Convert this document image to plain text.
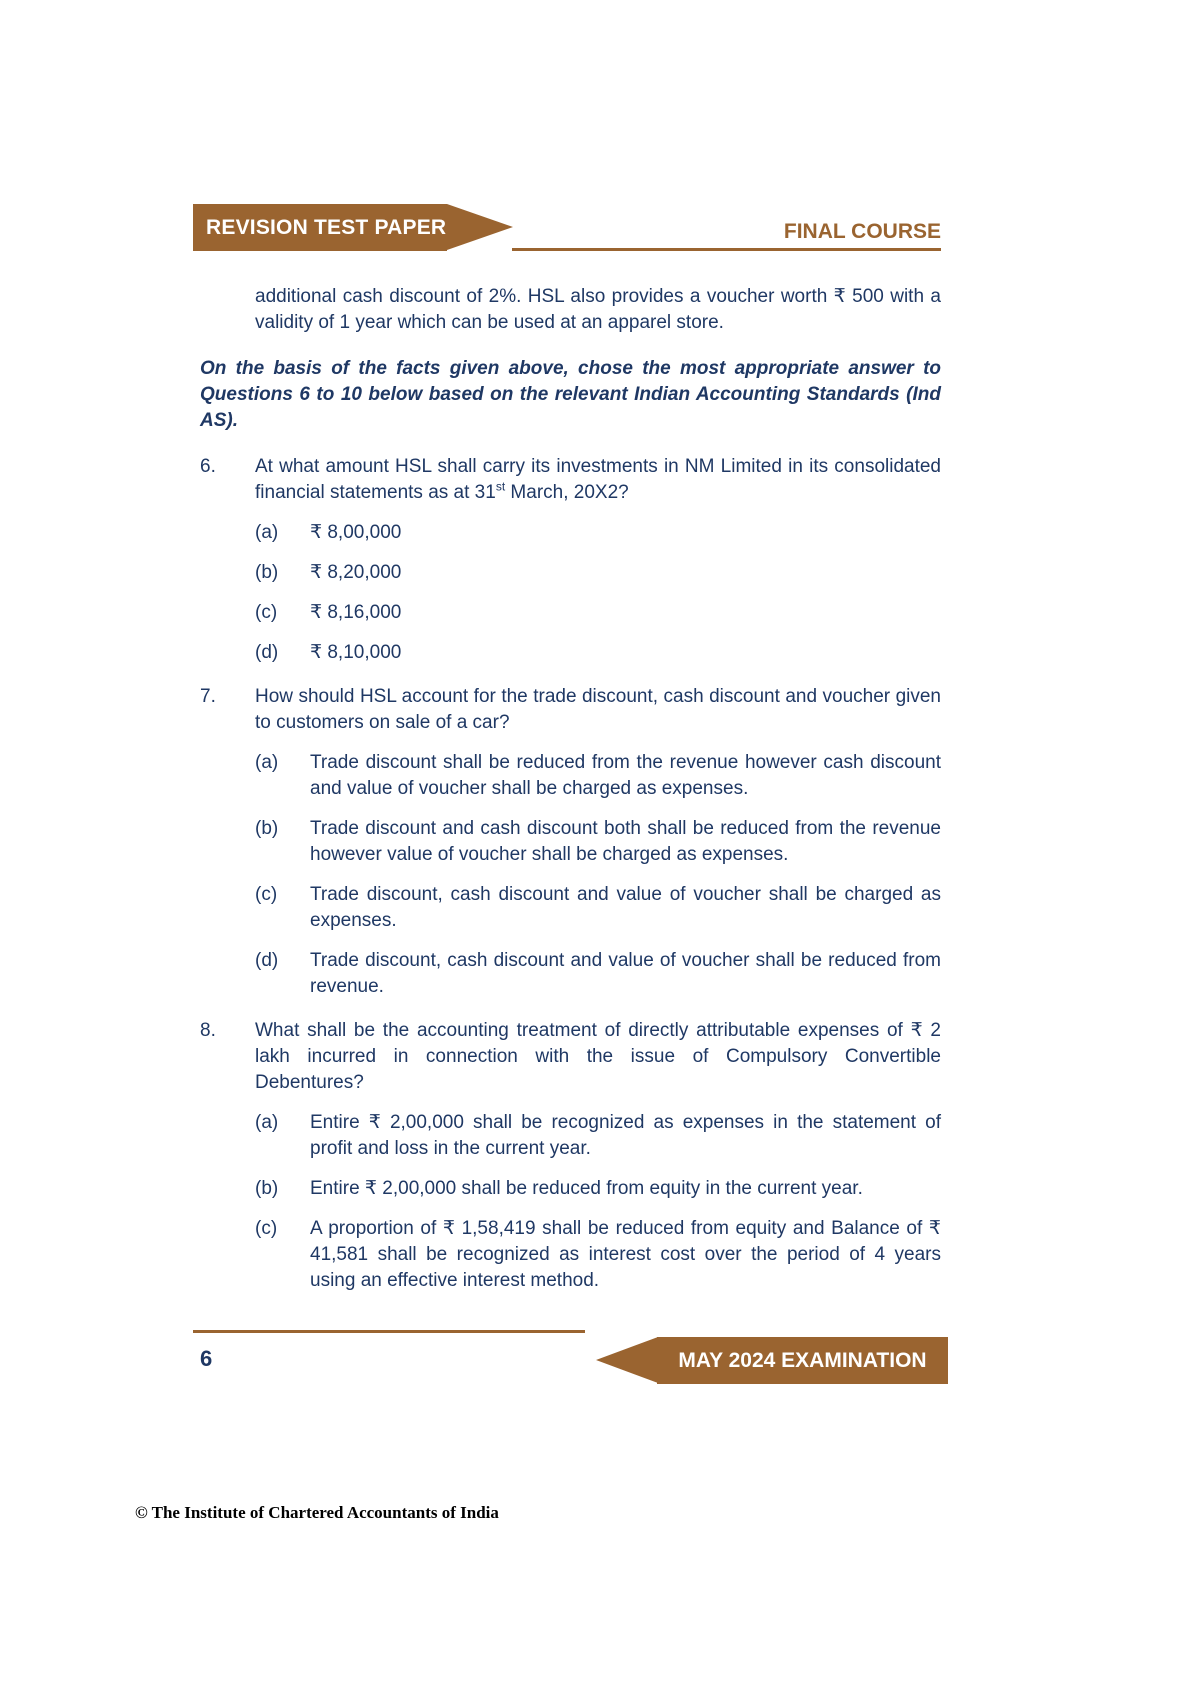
REVISION TEST PAPER	FINAL COURSE

additional cash discount of 2%. HSL also provides a voucher worth ₹ 500 with a validity of 1 year which can be used at an apparel store.

On the basis of the facts given above, chose the most appropriate answer to Questions 6 to 10 below based on the relevant Indian Accounting Standards (Ind AS).

6.	At what amount HSL shall carry its investments in NM Limited in its consolidated financial statements as at 31st March, 20X2?

(a)	₹ 8,00,000
(b)	₹ 8,20,000
(c)	₹ 8,16,000
(d)	₹ 8,10,000
7.	How should HSL account for the trade discount, cash discount and voucher given to customers on sale of a car?

(a)	Trade discount shall be reduced from the revenue however cash discount and value of voucher shall be charged as expenses.
(b)	Trade discount and cash discount both shall be reduced from the revenue however value of voucher shall be charged as expenses.
(c)	Trade discount, cash discount and value of voucher shall be charged as expenses.
(d)	Trade discount, cash discount and value of voucher shall be reduced from revenue.
8.	What shall be the accounting treatment of directly attributable expenses of ₹ 2 lakh incurred in connection with the issue of Compulsory Convertible Debentures?

(a)	Entire ₹ 2,00,000 shall be recognized as expenses in the statement of profit and loss in the current year.
(b)	Entire ₹ 2,00,000 shall be reduced from equity in the current year.
(c)	A proportion of ₹ 1,58,419 shall be reduced from equity and Balance of ₹ 41,581 shall be recognized as interest cost over the period of 4 years using an effective interest method.
MAY 2024 EXAMINATION
6
© The Institute of Chartered Accountants of India
